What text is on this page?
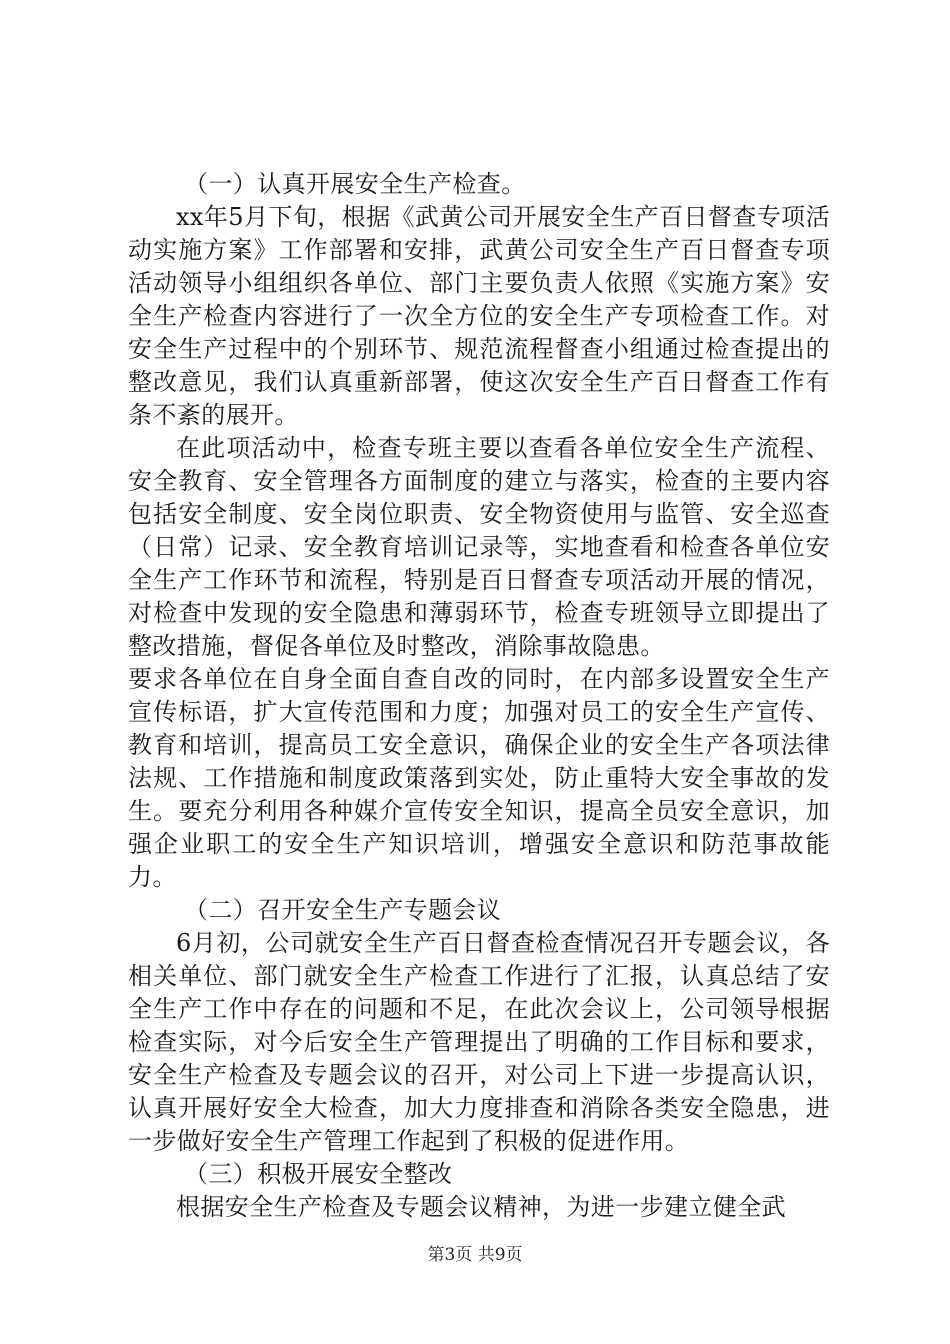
（一）认真开展安全生产检查。

xx年5月下旬，根据《武黄公司开展安全生产百日督查专项活动实施方案》工作部署和安排，武黄公司安全生产百日督查专项活动领导小组组织各单位、部门主要负责人依照《实施方案》安全生产检查内容进行了一次全方位的安全生产专项检查工作。对安全生产过程中的个别环节、规范流程督查小组通过检查提出的整改意见，我们认真重新部署，使这次安全生产百日督查工作有条不紊的展开。

在此项活动中，检查专班主要以查看各单位安全生产流程、安全教育、安全管理各方面制度的建立与落实，检查的主要内容包括安全制度、安全岗位职责、安全物资使用与监管、安全巡查（日常）记录、安全教育培训记录等，实地查看和检查各单位安全生产工作环节和流程，特别是百日督查专项活动开展的情况，对检查中发现的安全隐患和薄弱环节，检查专班领导立即提出了整改措施，督促各单位及时整改，消除事故隐患。

要求各单位在自身全面自查自改的同时，在内部多设置安全生产宣传标语，扩大宣传范围和力度；加强对员工的安全生产宣传、教育和培训，提高员工安全意识，确保企业的安全生产各项法律法规、工作措施和制度政策落到实处，防止重特大安全事故的发生。要充分利用各种媒介宣传安全知识，提高全员安全意识，加强企业职工的安全生产知识培训，增强安全意识和防范事故能力。

（二）召开安全生产专题会议

6月初，公司就安全生产百日督查检查情况召开专题会议，各相关单位、部门就安全生产检查工作进行了汇报，认真总结了安全生产工作中存在的问题和不足，在此次会议上，公司领导根据检查实际，对今后安全生产管理提出了明确的工作目标和要求，安全生产检查及专题会议的召开，对公司上下进一步提高认识，认真开展好安全大检查，加大力度排查和消除各类安全隐患，进一步做好安全生产管理工作起到了积极的促进作用。

（三）积极开展安全整改

根据安全生产检查及专题会议精神，为进一步建立健全武

第3页 共9页
